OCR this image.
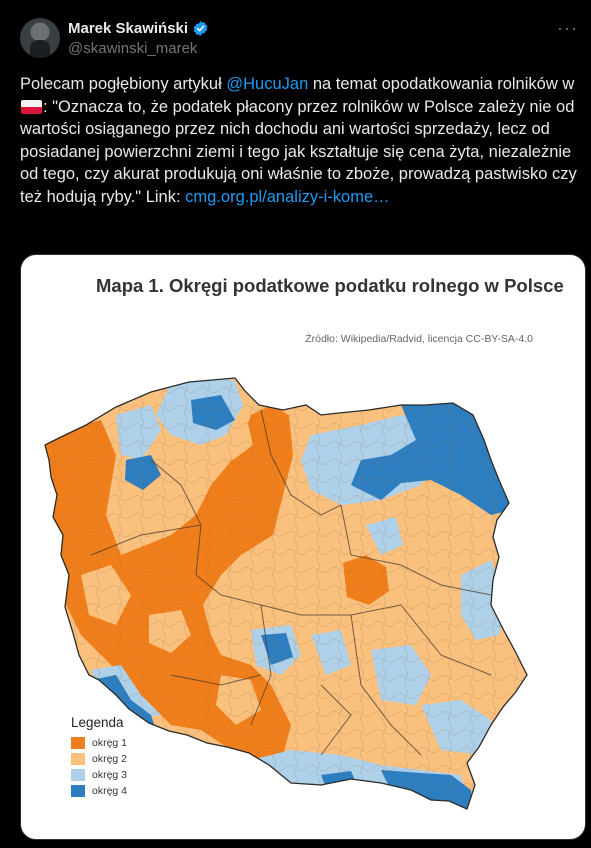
Marek Skawiński
@skawinski_marek
···
Polecam pogłębiony artykuł @HucuJan na temat opodatkowania rolników w
: "Oznacza to, że podatek płacony przez rolników w Polsce zależy nie od wartości osiąganego przez nich dochodu ani wartości sprzedaży, lecz od posiadanej powierzchni ziemi i tego jak kształtuje się cena żyta, niezależnie od tego, czy akurat produkują oni właśnie to zboże, prowadzą pastwisko czy też hodują ryby." Link: cmg.org.pl/analizy-i-kome…
Mapa 1. Okręgi podatkowe podatku rolnego w Polsce
Źródło: Wikipedia/Radvid, licencja CC-BY-SA-4.0
Legenda
okręg 1
okręg 2
okręg 3
okręg 4
